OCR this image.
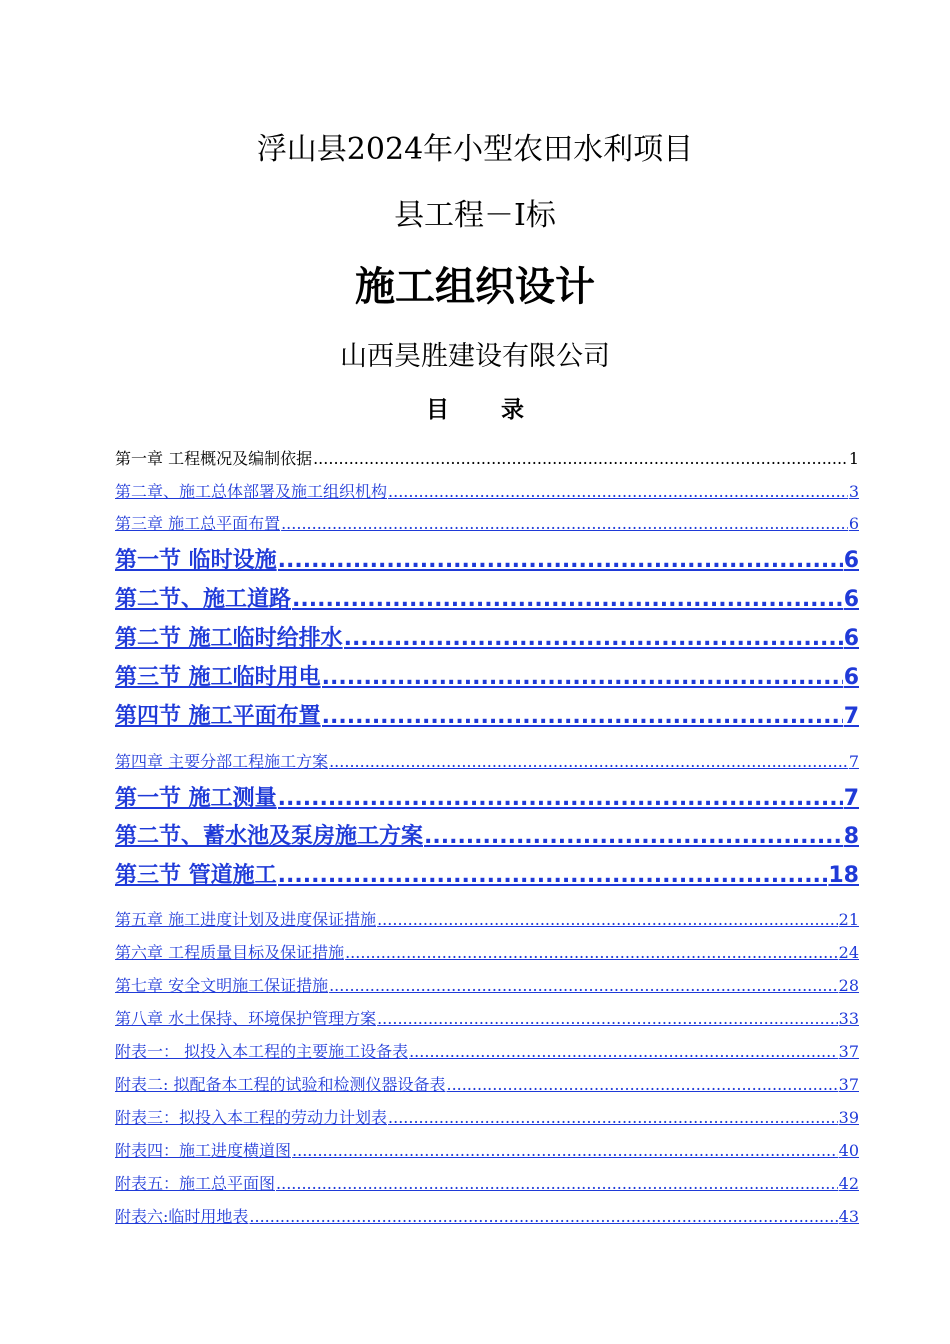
浮山县2024年小型农田水利项目
县工程－Ⅰ标
施工组织设计
山西昊胜建设有限公司
目 录
第一章 工程概况及编制依据 .....	1
第二章、施工总体部署及施工组织机构 .....	3
第三章 施工总平面布置 .....	6
第一节 临时设施 .....	6
第二节、施工道路 .....	6
第二节 施工临时给排水 .....	6
第三节 施工临时用电 .....	6
第四节 施工平面布置 .....	7
第四章 主要分部工程施工方案 .....	7
第一节 施工测量 .....	7
第二节、蓄水池及泵房施工方案 .....	8
第三节 管道施工 .....	18
第五章 施工进度计划及进度保证措施 .....	21
第六章 工程质量目标及保证措施 .....	24
第七章 安全文明施工保证措施 .....	28
第八章 水土保持、环境保护管理方案 .....	33
附表一： 拟投入本工程的主要施工设备表 .....	37
附表二: 拟配备本工程的试验和检测仪器设备表 .....	37
附表三：拟投入本工程的劳动力计划表 .....	39
附表四：施工进度横道图 .....	40
附表五：施工总平面图 .....	42
附表六:临时用地表 .....	43
